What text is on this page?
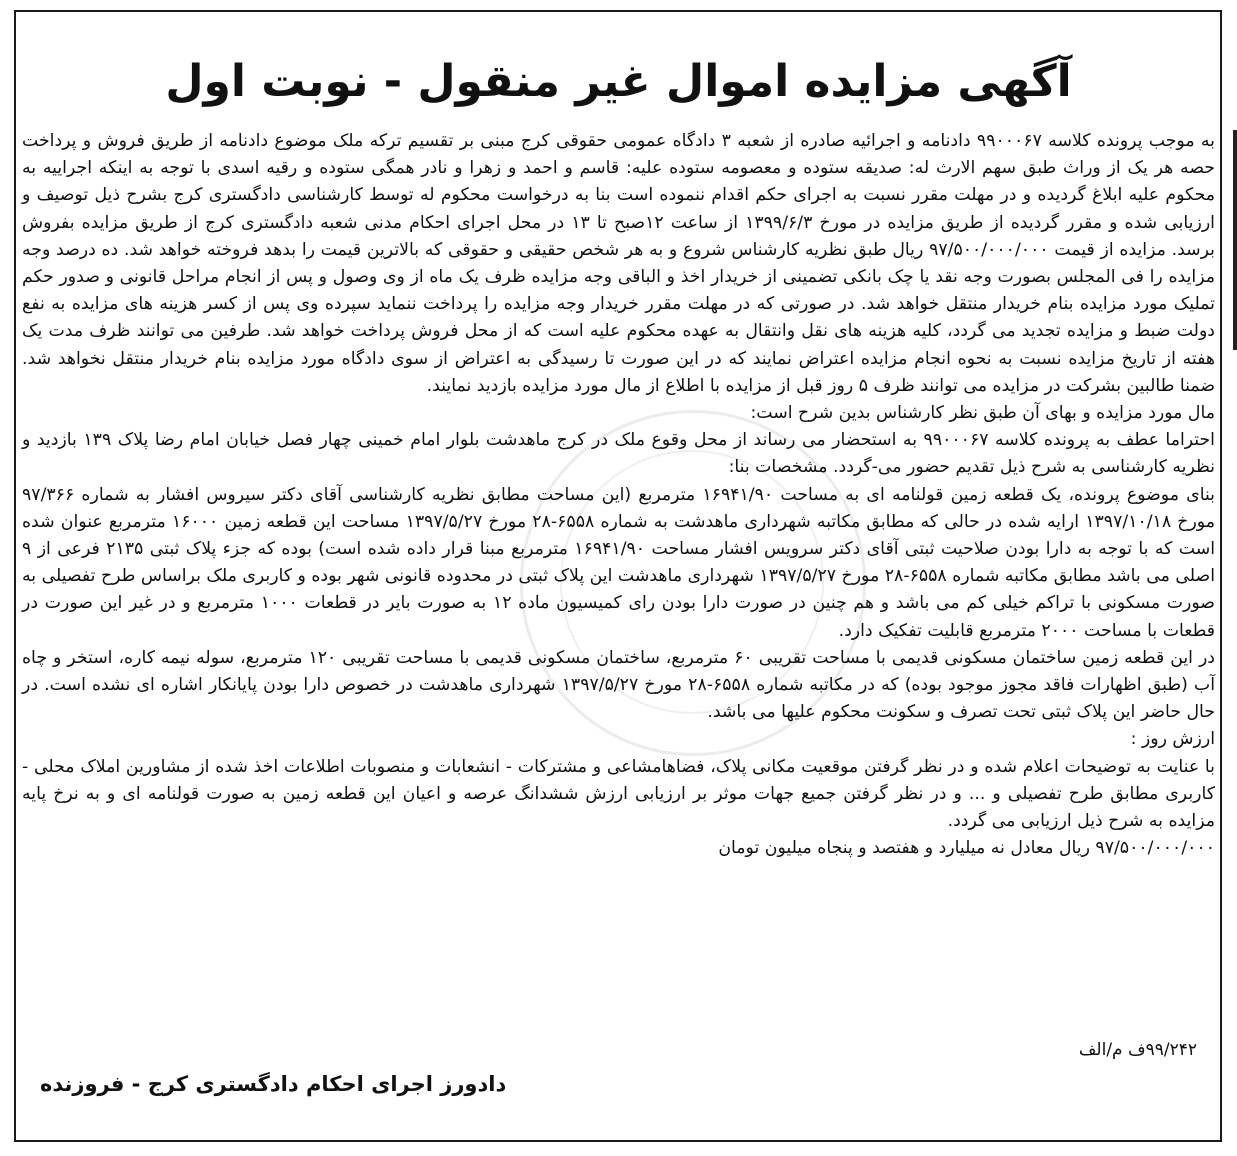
آگهی مزایده اموال غیر منقول - نوبت اول

به موجب پرونده کلاسه ۹۹۰۰۰۶۷ دادنامه و اجرائیه صادره از شعبه ۳ دادگاه عمومی حقوقی کرج مبنی بر تقسیم ترکه ملک موضوع دادنامه از طریق فروش و پرداخت حصه هر یک از وراث طبق سهم الارث له: صدیقه ستوده و معصومه ستوده علیه: قاسم و احمد و زهرا و نادر همگی ستوده و رقیه اسدی با توجه به اینکه اجراییه به محکوم علیه ابلاغ گردیده و در مهلت مقرر نسبت به اجرای حکم اقدام ننموده است بنا به درخواست محکوم له توسط کارشناسی دادگستری کرج بشرح ذیل توصیف و ارزیابی شده و مقرر گردیده از طریق مزایده در مورخ ۱۳۹۹/۶/۳ از ساعت ۱۲صبح تا ۱۳ در محل اجرای احکام مدنی شعبه دادگستری کرج از طریق مزایده بفروش برسد. مزایده از قیمت ۹۷/۵۰۰/۰۰۰/۰۰۰ ریال طبق نظریه کارشناس شروع و به هر شخص حقیقی و حقوقی که بالاترین قیمت را بدهد فروخته خواهد شد. ده درصد وجه مزایده را فی المجلس بصورت وجه نقد یا چک بانکی تضمینی از خریدار اخذ و الباقی وجه مزایده ظرف یک ماه از وی وصول و پس از انجام مراحل قانونی و صدور حکم تملیک مورد مزایده بنام خریدار منتقل خواهد شد. در صورتی که در مهلت مقرر خریدار وجه مزایده را پرداخت ننماید سپرده وی پس از کسر هزینه های مزایده به نفع دولت ضبط و مزایده تجدید می گردد، کلیه هزینه های نقل وانتقال به عهده محکوم علیه است که از محل فروش پرداخت خواهد شد. طرفین می توانند ظرف مدت یک هفته از تاریخ مزایده نسبت به نحوه انجام مزایده اعتراض نمایند که در این صورت تا رسیدگی به اعتراض از سوی دادگاه مورد مزایده بنام خریدار منتقل نخواهد شد. ضمنا طالبین بشرکت در مزایده می توانند ظرف ۵ روز قبل از مزایده با اطلاع از مال مورد مزایده بازدید نمایند.

مال مورد مزایده و بهای آن طبق نظر کارشناس بدین شرح است:

احتراما عطف به پرونده کلاسه ۹۹۰۰۰۶۷ به استحضار می رساند از محل وقوع ملک در کرج ماهدشت بلوار امام خمینی چهار فصل خیابان امام رضا پلاک ۱۳۹ بازدید و نظریه کارشناسی به شرح ذیل تقدیم حضور می-گردد. مشخصات بنا:

بنای موضوع پرونده، یک قطعه زمین قولنامه ای به مساحت ۱۶۹۴۱/۹۰ مترمربع (این مساحت مطابق نظریه کارشناسی آقای دکتر سیروس افشار به شماره ۹۷/۳۶۶ مورخ ۱۳۹۷/۱۰/۱۸ ارایه شده در حالی که مطابق مکاتبه شهرداری ماهدشت به شماره ۶۵۵۸-۲۸ مورخ ۱۳۹۷/۵/۲۷ مساحت این قطعه زمین ۱۶۰۰۰ مترمربع عنوان شده است که با توجه به دارا بودن صلاحیت ثبتی آقای دکتر سرویس افشار مساحت ۱۶۹۴۱/۹۰ مترمربع مبنا قرار داده شده است) بوده که جزء پلاک ثبتی ۲۱۳۵ فرعی از ۹ اصلی می باشد مطابق مکاتبه شماره ۶۵۵۸-۲۸ مورخ ۱۳۹۷/۵/۲۷ شهرداری ماهدشت این پلاک ثبتی در محدوده قانونی شهر بوده و کاربری ملک براساس طرح تفصیلی به صورت مسکونی با تراکم خیلی کم می باشد و هم چنین در صورت دارا بودن رای کمیسیون ماده ۱۲ به صورت بایر در قطعات ۱۰۰۰ مترمربع و در غیر این صورت در قطعات با مساحت ۲۰۰۰ مترمربع قابلیت تفکیک دارد.

در این قطعه زمین ساختمان مسکونی قدیمی با مساحت تقریبی ۶۰ مترمربع، ساختمان مسکونی قدیمی با مساحت تقریبی ۱۲۰ مترمربع، سوله نیمه کاره، استخر و چاه آب (طبق اظهارات فاقد مجوز موجود بوده) که در مکاتبه شماره ۶۵۵۸-۲۸ مورخ ۱۳۹۷/۵/۲۷ شهرداری ماهدشت در خصوص دارا بودن پایانکار اشاره ای نشده است. در حال حاضر این پلاک ثبتی تحت تصرف و سکونت محکوم علیها می باشد.

ارزش روز :

با عنایت به توضیحات اعلام شده و در نظر گرفتن موقعیت مکانی پلاک، فضاهامشاعی و مشترکات - انشعابات و منصوبات اطلاعات اخذ شده از مشاورین املاک محلی - کاربری مطابق طرح تفصیلی و ... و در نظر گرفتن جمیع جهات موثر بر ارزیابی ارزش ششدانگ عرصه و اعیان این قطعه زمین به صورت قولنامه ای و به نرخ پایه مزایده به شرح ذیل ارزیابی می گردد.

۹۷/۵۰۰/۰۰۰/۰۰۰ ریال معادل نه میلیارد و هفتصد و پنجاه میلیون تومان

۹۹/۲۴۲ف م/الف
دادورز اجرای احکام دادگستری کرج - فروزنده
